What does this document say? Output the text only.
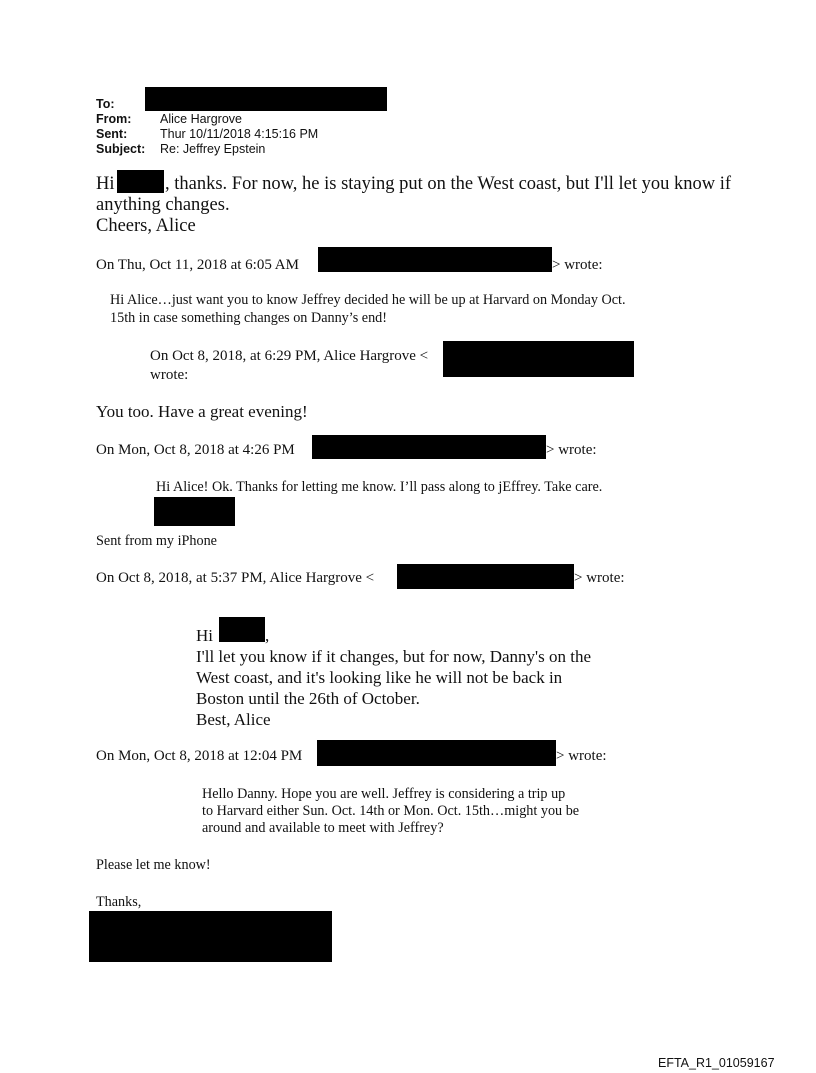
To:
From: Alice Hargrove
Sent:	Thur 10/11/2018 4:15:16 PM
Subject: Re: Jeffrey Epstein
Hi	, thanks. For now, he is staying put on the West coast, but I'll let you know if
anything changes.
Cheers, Alice
On Thu, Oct 11, 2018 at 6:05 AM	> wrote:
Hi Alice…just want you to know Jeffrey decided he will be up at Harvard on Monday Oct.
15th in case something changes on Danny’s end!
On Oct 8, 2018, at 6:29 PM, Alice Hargrove <
wrote:
You too. Have a great evening!
On Mon, Oct 8, 2018 at 4:26 PM	> wrote:
Hi Alice! Ok. Thanks for letting me know. I’ll pass along to jEffrey. Take care.
Sent from my iPhone
On Oct 8, 2018, at 5:37 PM, Alice Hargrove <	> wrote:
Hi	,
I'll let you know if it changes, but for now, Danny's on the
West coast, and it's looking like he will not be back in
Boston until the 26th of October.
Best, Alice
On Mon, Oct 8, 2018 at 12:04 PM	> wrote:
Hello Danny. Hope you are well. Jeffrey is considering a trip up
to Harvard either Sun. Oct. 14th or Mon. Oct. 15th…might you be
around and available to meet with Jeffrey?
Please let me know!
Thanks,
EFTA_R1_01059167
